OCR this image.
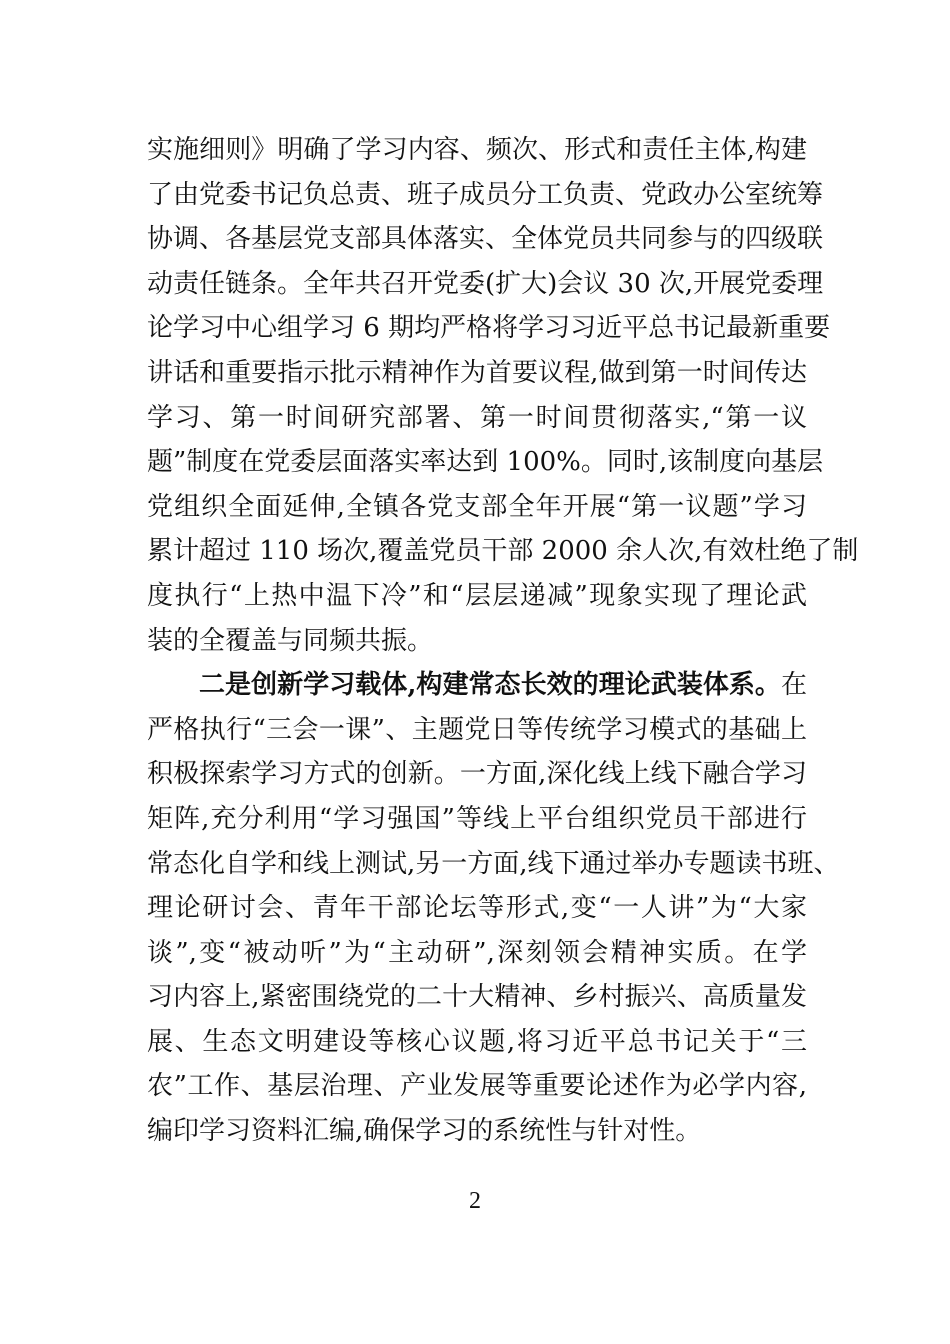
实施细则》明确了学习内容、频次、形式和责任主体,构建
了由党委书记负总责、班子成员分工负责、党政办公室统筹
协调、各基层党支部具体落实、全体党员共同参与的四级联
动责任链条。全年共召开党委(扩大)会议 30 次,开展党委理
论学习中心组学习 6 期均严格将学习习近平总书记最新重要
讲话和重要指示批示精神作为首要议程,做到第一时间传达
学习、第一时间研究部署、第一时间贯彻落实,“第一议
题”制度在党委层面落实率达到 100%。同时,该制度向基层
党组织全面延伸,全镇各党支部全年开展“第一议题”学习
累计超过 110 场次,覆盖党员干部 2000 余人次,有效杜绝了制
度执行“上热中温下冷”和“层层递减”现象实现了理论武
装的全覆盖与同频共振。
二是创新学习载体,构建常态长效的理论武装体系。在
严格执行“三会一课”、主题党日等传统学习模式的基础上
积极探索学习方式的创新。一方面,深化线上线下融合学习
矩阵,充分利用“学习强国”等线上平台组织党员干部进行
常态化自学和线上测试,另一方面,线下通过举办专题读书班、
理论研讨会、青年干部论坛等形式,变“一人讲”为“大家
谈”,变“被动听”为“主动研”,深刻领会精神实质。在学
习内容上,紧密围绕党的二十大精神、乡村振兴、高质量发
展、生态文明建设等核心议题,将习近平总书记关于“三
农”工作、基层治理、产业发展等重要论述作为必学内容,
编印学习资料汇编,确保学习的系统性与针对性。
2
